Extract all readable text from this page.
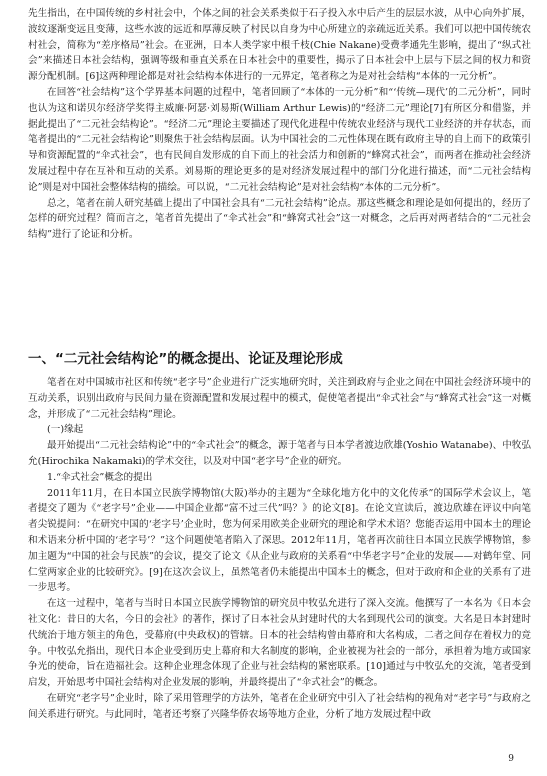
先生指出，在中国传统的乡村社会中，个体之间的社会关系类似于石子投入水中后产生的层层水波，从中心向外扩展，波纹逐渐变远且变薄，这些水波的远近和厚薄反映了村民以自身为中心所建立的亲疏远近关系。我们可以把中国传统农村社会，简称为“差序格局”社会。在亚洲，日本人类学家中根千枝(Chie Nakane)受费孝通先生影响，提出了“纵式社会”来描述日本社会结构，强调等级和垂直关系在日本社会中的重要性，揭示了日本社会中上层与下层之间的权力和资源分配机制。[6]这两种理论都是对社会结构本体进行的一元界定，笔者称之为是对社会结构“本体的一元分析”。

在回答“社会结构”这个学界基本问题的过程中，笔者回顾了“本体的一元分析”和“‘传统—现代’的二元分析”，同时也认为这和诺贝尔经济学奖得主威廉·阿瑟·刘易斯(William Arthur Lewis)的“经济二元”理论[7]有所区分和借鉴，并据此提出了“二元社会结构论”。“经济二元”理论主要描述了现代化进程中传统农业经济与现代工业经济的并存状态，而笔者提出的“二元社会结构论”则聚焦于社会结构层面。认为中国社会的二元性体现在既有政府主导的自上而下的政策引导和资源配置的“伞式社会”，也有民间自发形成的自下而上的社会活力和创新的“蜂窝式社会”，而两者在推动社会经济发展过程中存在互补和互动的关系。刘易斯的理论更多的是对经济发展过程中的部门分化进行描述，而“二元社会结构论”则是对中国社会整体结构的描绘。可以说，“二元社会结构论”是对社会结构“本体的二元分析”。

总之，笔者在前人研究基础上提出了中国社会具有“二元社会结构”论点。那这些概念和理论是如何提出的，经历了怎样的研究过程？简而言之，笔者首先提出了“伞式社会”和“蜂窝式社会”这一对概念，之后再对两者结合的“二元社会结构”进行了论证和分析。

一、“二元社会结构论”的概念提出、论证及理论形成

笔者在对中国城市社区和传统“老字号”企业进行广泛实地研究时，关注到政府与企业之间在中国社会经济环境中的互动关系，识别出政府与民间力量在资源配置和发展过程中的模式，促使笔者提出“伞式社会”与“蜂窝式社会”这一对概念，并形成了“二元社会结构”理论。

(一)缘起

最开始提出“二元社会结构论”中的“伞式社会”的概念，源于笔者与日本学者渡边欣雄(Yoshio Watanabe)、中牧弘允(Hirochika Nakamaki)的学术交往，以及对中国“老字号”企业的研究。

1.“伞式社会”概念的提出

2011年11月，在日本国立民族学博物馆(大阪)举办的主题为“全球化地方化中的文化传承”的国际学术会议上，笔者提交了题为《“老字号”企业——中国企业都“富不过三代”吗？》的论文[8]。在论文宣读后，渡边欣雄在评议中向笔者尖锐提问：“在研究中国的‘老字号’企业时，您为何采用欧美企业研究的理论和学术术语？您能否运用中国本土的理论和术语来分析中国的‘老字号’？”这个问题使笔者陷入了深思。2012年11月，笔者再次前往日本国立民族学博物馆，参加主题为“中国的社会与民族”的会议，提交了论文《从企业与政府的关系看“中华老字号”企业的发展——对鹤年堂、同仁堂两家企业的比较研究》。[9]在这次会议上，虽然笔者仍未能提出中国本土的概念，但对于政府和企业的关系有了进一步思考。

在这一过程中，笔者与当时日本国立民族学博物馆的研究员中牧弘允进行了深入交流。他撰写了一本名为《日本会社文化：昔日的大名，今日的会社》的著作，探讨了日本社会从封建时代的大名到现代公司的演变。大名是日本封建时代统治于地方领主的角色，受幕府(中央政权)的管辖。日本的社会结构曾由幕府和大名构成，二者之间存在着权力的竞争。中牧弘允指出，现代日本企业受到历史上幕府和大名制度的影响，企业被视为社会的一部分，承担着为地方或国家争光的使命，旨在造福社会。这种企业理念体现了企业与社会结构的紧密联系。[10]通过与中牧弘允的交流，笔者受到启发，开始思考中国社会结构对企业发展的影响，并最终提出了“伞式社会”的概念。

在研究“老字号”企业时，除了采用管理学的方法外，笔者在企业研究中引入了社会结构的视角对“老字号”与政府之间关系进行研究。与此同时，笔者还考察了兴隆华侨农场等地方企业，分析了地方发展过程中政

9
